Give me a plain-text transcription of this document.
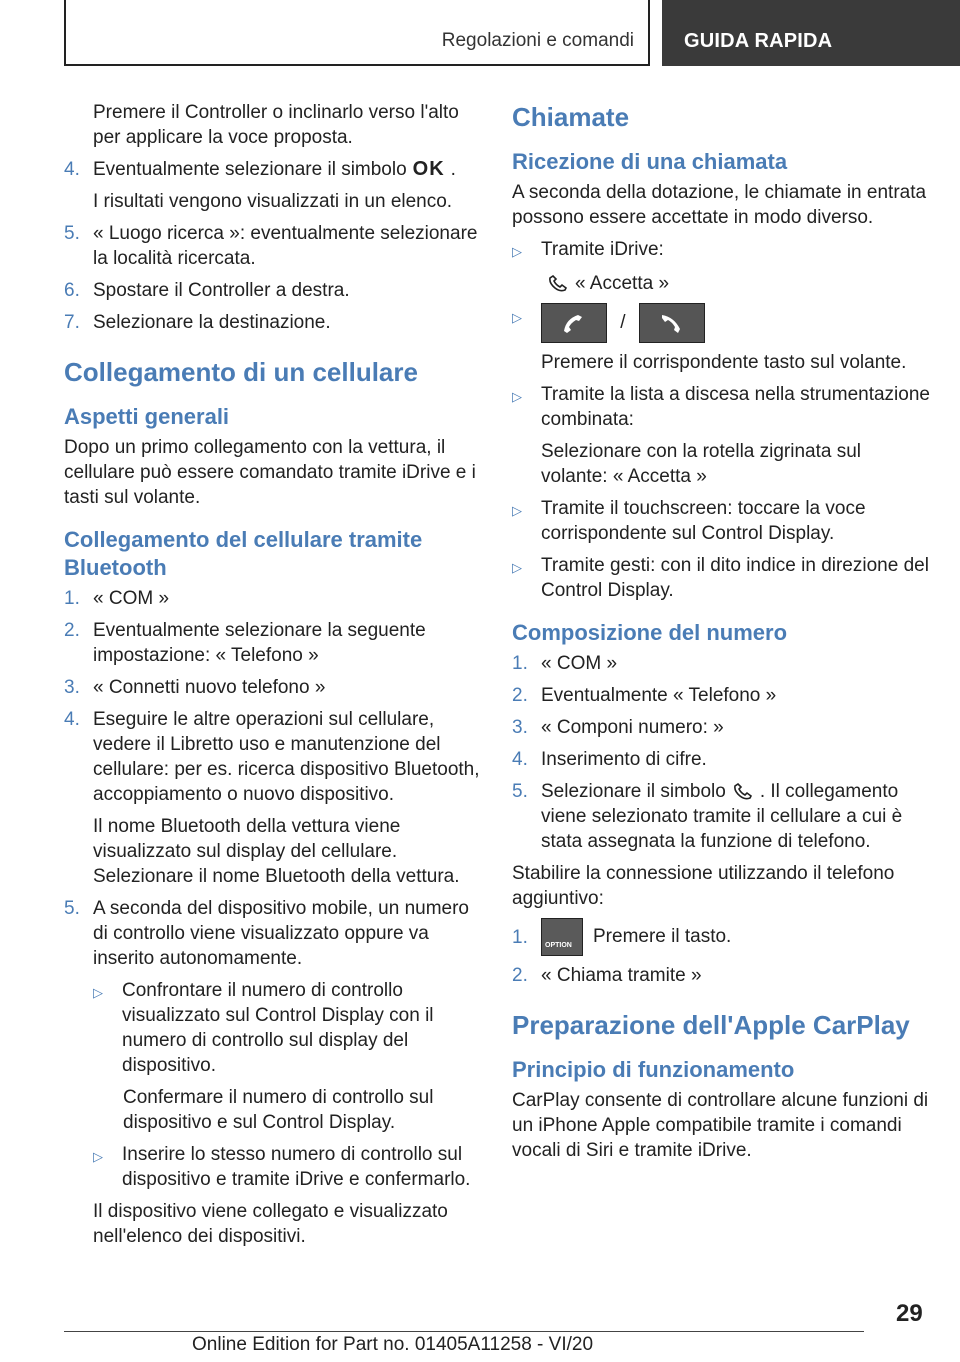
Regolazioni e comandi	GUIDA RAPIDA

Premere il Controller o inclinarlo verso l'alto per applicare la voce proposta.

4. Eventualmente selezionare il simbolo OK .

I risultati vengono visualizzati in un elenco.

5. « Luogo ricerca »: eventualmente selezionare la località ricercata.
6. Spostare il Controller a destra.
7. Selezionare la destinazione.
Collegamento di un cellulare
Aspetti generali

Dopo un primo collegamento con la vettura, il cellulare può essere comandato tramite iDrive e i tasti sul volante.

Collegamento del cellulare tramite Bluetooth
1. « COM »
2. Eventualmente selezionare la seguente impostazione: « Telefono »
3. « Connetti nuovo telefono »
4. Eseguire le altre operazioni sul cellulare, vedere il Libretto uso e manutenzione del cellulare: per es. ricerca dispositivo Bluetooth, accoppiamento o nuovo dispositivo.

Il nome Bluetooth della vettura viene visualizzato sul display del cellulare. Selezionare il nome Bluetooth della vettura.

5. A seconda del dispositivo mobile, un numero di controllo viene visualizzato oppure va inserito autonomamente.
▷	Confrontare il numero di controllo visualizzato sul Control Display con il numero di controllo sul display del dispositivo.

Confermare il numero di controllo sul dispositivo e sul Control Display.

▷	Inserire lo stesso numero di controllo sul dispositivo e tramite iDrive e confermarlo.

Il dispositivo viene collegato e visualizzato nell'elenco dei dispositivi.

Chiamate
Ricezione di una chiamata

A seconda della dotazione, le chiamate in entrata possono essere accettate in modo diverso.

▷	Tramite iDrive:

« Accetta »

▷	/

Premere il corrispondente tasto sul volante.

▷	Tramite la lista a discesa nella strumentazione combinata:

Selezionare con la rotella zigrinata sul volante: « Accetta »

▷	Tramite il touchscreen: toccare la voce corrispondente sul Control Display.
▷	Tramite gesti: con il dito indice in direzione del Control Display.
Composizione del numero
1. « COM »
2. Eventualmente « Telefono »
3. « Componi numero: »
4. Inserimento di cifre.
5. Selezionare il simbolo . Il collegamento viene selezionato tramite il cellulare a cui è stata assegnata la funzione di telefono.

Stabilire la connessione utilizzando il telefono aggiuntivo:

1.	OPTION Premere il tasto.
2. « Chiama tramite »
Preparazione dell'Apple CarPlay
Principio di funzionamento

CarPlay consente di controllare alcune funzioni di un iPhone Apple compatibile tramite i comandi vocali di Siri e tramite iDrive.

29
Online Edition for Part no. 01405A11258 - VI/20
